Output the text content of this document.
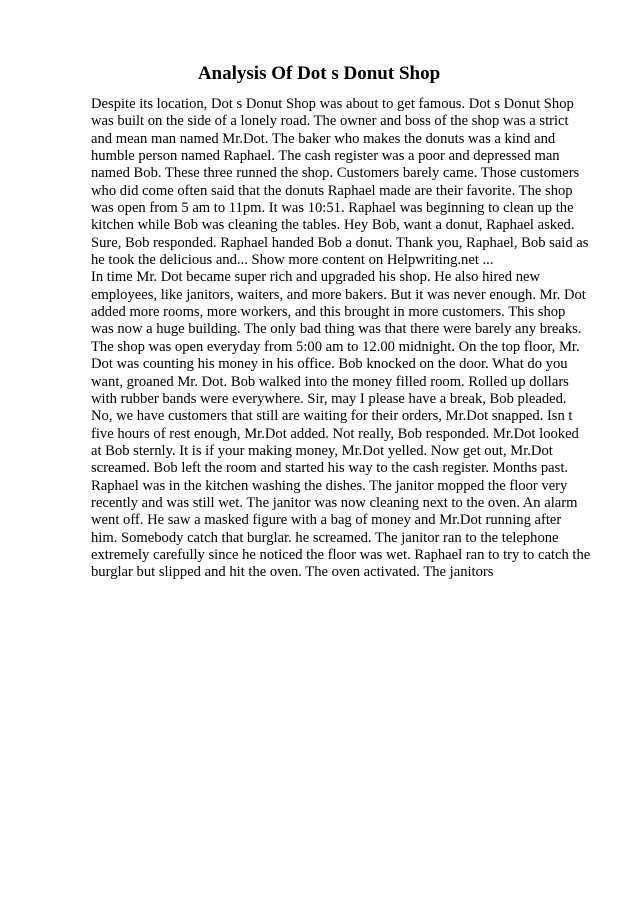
Analysis Of Dot s Donut Shop

Despite its location, Dot s Donut Shop was about to get famous. Dot s Donut Shop was built on the side of a lonely road. The owner and boss of the shop was a strict and mean man named Mr.Dot. The baker who makes the donuts was a kind and humble person named Raphael. The cash register was a poor and depressed man named Bob. These three runned the shop. Customers barely came. Those customers who did come often said that the donuts Raphael made are their favorite. The shop was open from 5 am to 11pm. It was 10:51. Raphael was beginning to clean up the kitchen while Bob was cleaning the tables. Hey Bob, want a donut, Raphael asked. Sure, Bob responded. Raphael handed Bob a donut. Thank you, Raphael, Bob said as he took the delicious and... Show more content on Helpwriting.net ...

In time Mr. Dot became super rich and upgraded his shop. He also hired new employees, like janitors, waiters, and more bakers. But it was never enough. Mr. Dot added more rooms, more workers, and this brought in more customers. This shop was now a huge building. The only bad thing was that there were barely any breaks. The shop was open everyday from 5:00 am to 12.00 midnight. On the top floor, Mr. Dot was counting his money in his office. Bob knocked on the door. What do you want, groaned Mr. Dot. Bob walked into the money filled room. Rolled up dollars with rubber bands were everywhere. Sir, may I please have a break, Bob pleaded. No, we have customers that still are waiting for their orders, Mr.Dot snapped. Isn t five hours of rest enough, Mr.Dot added. Not really, Bob responded. Mr.Dot looked at Bob sternly. It is if your making money, Mr.Dot yelled. Now get out, Mr.Dot screamed. Bob left the room and started his way to the cash register. Months past. Raphael was in the kitchen washing the dishes. The janitor mopped the floor very recently and was still wet. The janitor was now cleaning next to the oven. An alarm went off. He saw a masked figure with a bag of money and Mr.Dot running after him. Somebody catch that burglar. he screamed. The janitor ran to the telephone extremely carefully since he noticed the floor was wet. Raphael ran to try to catch the burglar but slipped and hit the oven. The oven activated. The janitors
